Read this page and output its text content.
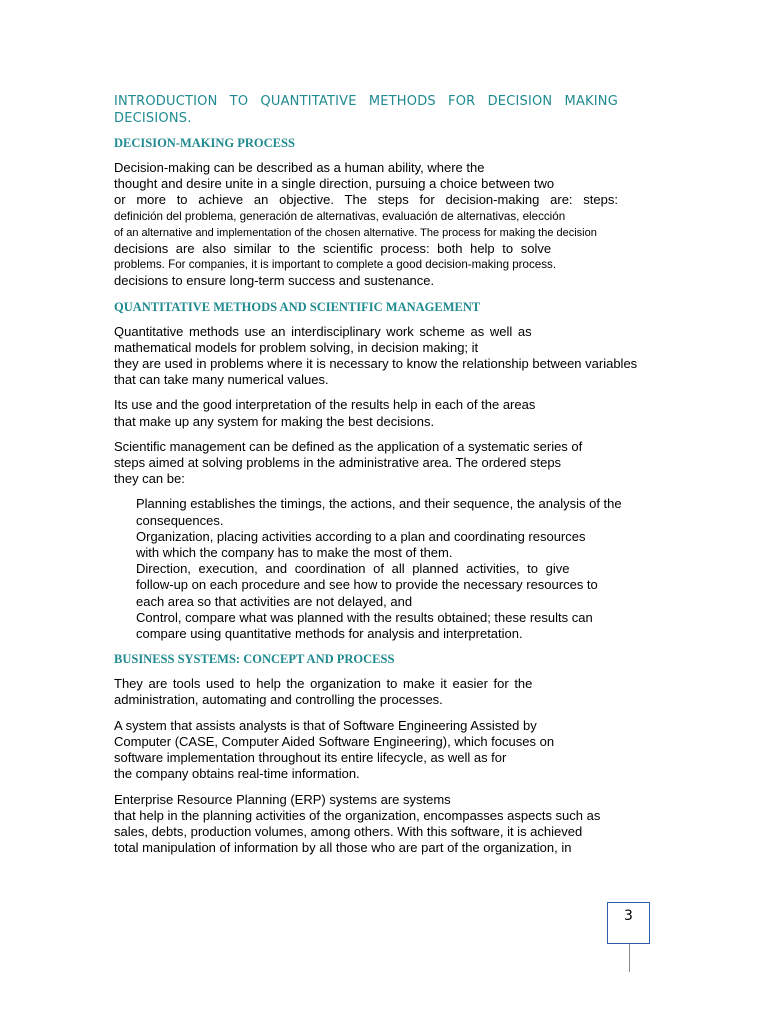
INTRODUCTION TO QUANTITATIVE METHODS FOR DECISION MAKING
DECISIONS.
DECISION-MAKING PROCESS

Decision-making can be described as a human ability, where the
thought and desire unite in a single direction, pursuing a choice between two
or more to achieve an objective. The steps for decision-making are: steps:
definición del problema, generación de alternativas, evaluación de alternativas, elección
of an alternative and implementation of the chosen alternative. The process for making the decision
decisions are also similar to the scientific process: both help to solve
problems. For companies, it is important to complete a good decision-making process.
decisions to ensure long-term success and sustenance.

QUANTITATIVE METHODS AND SCIENTIFIC MANAGEMENT

Quantitative methods use an interdisciplinary work scheme as well as
mathematical models for problem solving, in decision making; it
they are used in problems where it is necessary to know the relationship between variables
that can take many numerical values.

Its use and the good interpretation of the results help in each of the areas
that make up any system for making the best decisions.

Scientific management can be defined as the application of a systematic series of
steps aimed at solving problems in the administrative area. The ordered steps
they can be:

Planning establishes the timings, the actions, and their sequence, the analysis of the
consequences.
Organization, placing activities according to a plan and coordinating resources
with which the company has to make the most of them.
Direction, execution, and coordination of all planned activities, to give
follow-up on each procedure and see how to provide the necessary resources to
each area so that activities are not delayed, and
Control, compare what was planned with the results obtained; these results can
compare using quantitative methods for analysis and interpretation.
BUSINESS SYSTEMS: CONCEPT AND PROCESS

They are tools used to help the organization to make it easier for the
administration, automating and controlling the processes.

A system that assists analysts is that of Software Engineering Assisted by
Computer (CASE, Computer Aided Software Engineering), which focuses on
software implementation throughout its entire lifecycle, as well as for
the company obtains real-time information.

Enterprise Resource Planning (ERP) systems are systems
that help in the planning activities of the organization, encompasses aspects such as
sales, debts, production volumes, among others. With this software, it is achieved
total manipulation of information by all those who are part of the organization, in

3
